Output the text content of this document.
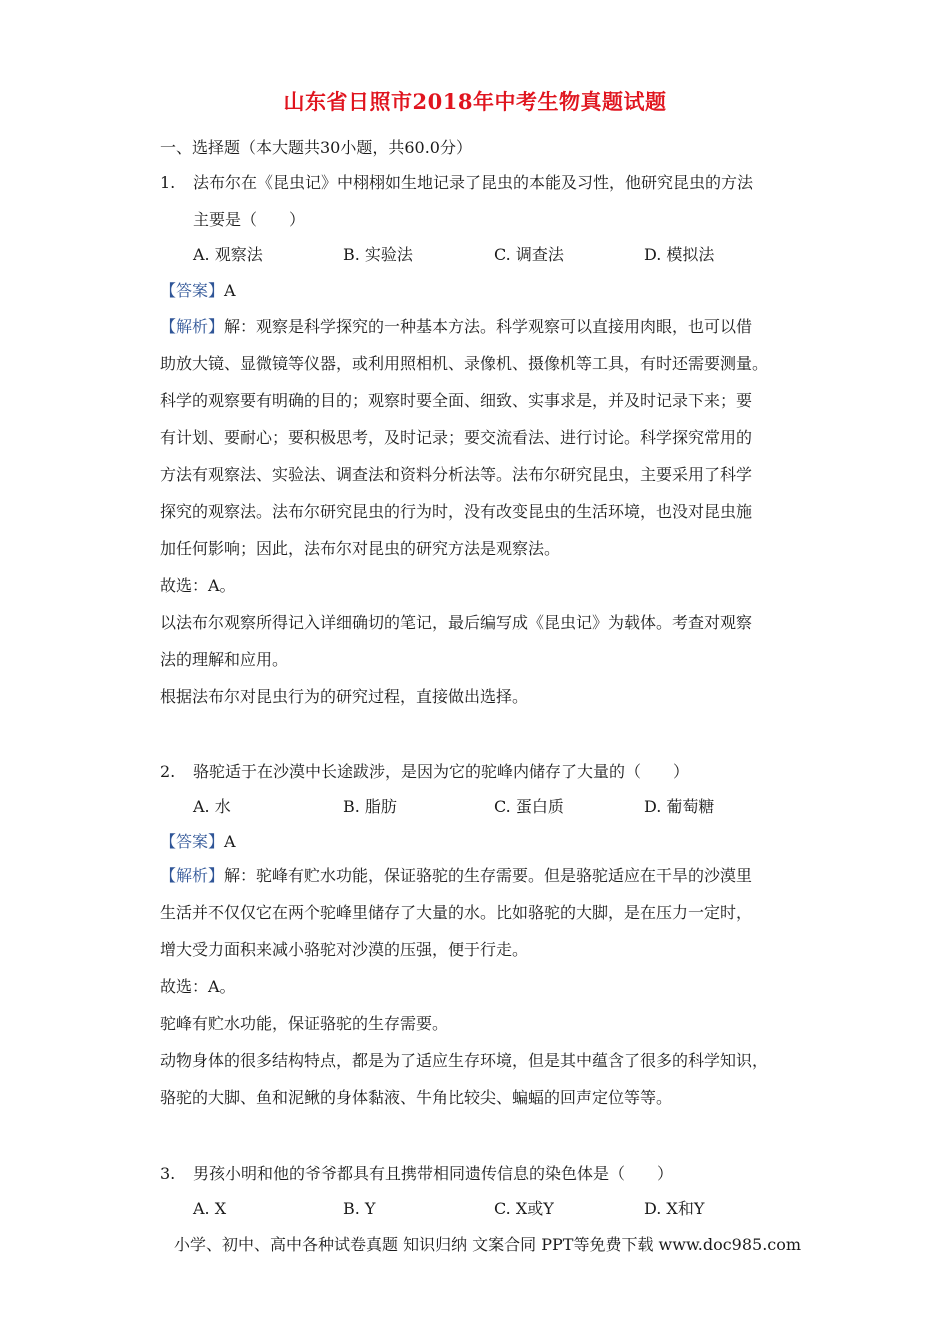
山东省日照市2018年中考生物真题试题
一、选择题（本大题共30小题，共60.0分）
1. 法布尔在《昆虫记》中栩栩如生地记录了昆虫的本能及习性，他研究昆虫的方法
主要是（　　）
A. 观察法	B. 实验法	C. 调查法	D. 模拟法
【答案】A
【解析】解：观察是科学探究的一种基本方法。科学观察可以直接用肉眼，也可以借
助放大镜、显微镜等仪器，或利用照相机、录像机、摄像机等工具，有时还需要测量。
科学的观察要有明确的目的；观察时要全面、细致、实事求是，并及时记录下来；要
有计划、要耐心；要积极思考，及时记录；要交流看法、进行讨论。科学探究常用的
方法有观察法、实验法、调查法和资料分析法等。法布尔研究昆虫，主要采用了科学
探究的观察法。法布尔研究昆虫的行为时，没有改变昆虫的生活环境，也没对昆虫施
加任何影响；因此，法布尔对昆虫的研究方法是观察法。
故选：A。
以法布尔观察所得记入详细确切的笔记，最后编写成《昆虫记》为载体。考查对观察
法的理解和应用。
根据法布尔对昆虫行为的研究过程，直接做出选择。
2. 骆驼适于在沙漠中长途跋涉，是因为它的驼峰内储存了大量的（　　）
A. 水	B. 脂肪	C. 蛋白质	D. 葡萄糖
【答案】A
【解析】解：驼峰有贮水功能，保证骆驼的生存需要。但是骆驼适应在干旱的沙漠里
生活并不仅仅它在两个驼峰里储存了大量的水。比如骆驼的大脚，是在压力一定时，
增大受力面积来减小骆驼对沙漠的压强，便于行走。
故选：A。
驼峰有贮水功能，保证骆驼的生存需要。
动物身体的很多结构特点，都是为了适应生存环境，但是其中蕴含了很多的科学知识，
骆驼的大脚、鱼和泥鳅的身体黏液、牛角比较尖、蝙蝠的回声定位等等。
3. 男孩小明和他的爷爷都具有且携带相同遗传信息的染色体是（　　）
A. X	B. Y	C. X或Y	D. X和Y
小学、初中、高中各种试卷真题 知识归纳 文案合同 PPT等免费下载 www.doc985.com
